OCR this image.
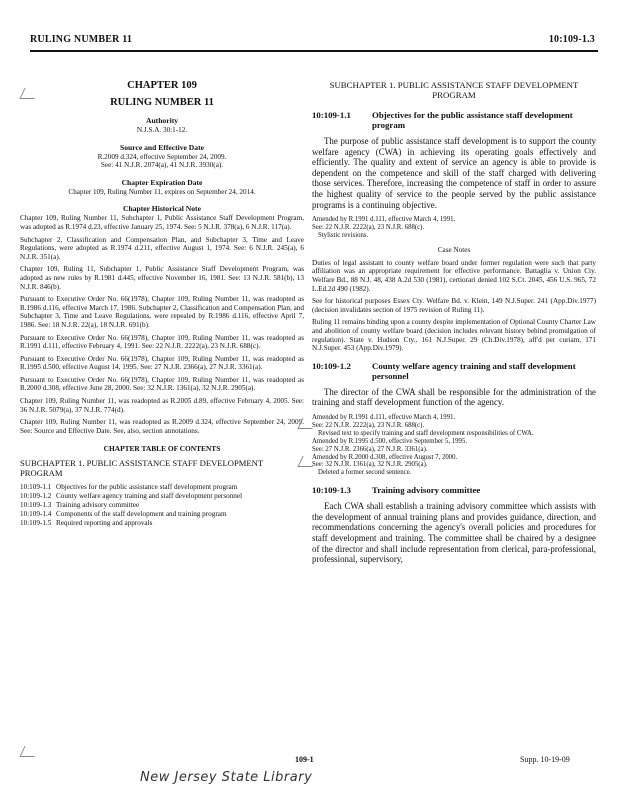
RULING NUMBER 11	10:109-1.3
CHAPTER 109
RULING NUMBER 11
Authority
N.J.S.A. 30:1-12.
Source and Effective Date
R.2009 d.324, effective September 24, 2009.
See: 41 N.J.R. 2074(a), 41 N.J.R. 3930(a).
Chapter Expiration Date
Chapter 109, Ruling Number 11, expires on September 24, 2014.
Chapter Historical Note

Chapter 109, Ruling Number 11, Subchapter 1, Public Assistance Staff Development Program, was adopted as R.1974 d.23, effective January 25, 1974. See: 5 N.J.R. 378(a), 6 N.J.R. 117(a).

Subchapter 2, Classification and Compensation Plan, and Subchapter 3, Time and Leave Regulations, were adopted as R.1974 d.211, effective August 1, 1974. See: 6 N.J.R. 245(a), 6 N.J.R. 351(a).

Chapter 109, Ruling 11, Subchapter 1, Public Assistance Staff Development Program, was adopted as new rules by R.1981 d.445, effective November 16, 1981. See: 13 N.J.R. 581(b), 13 N.J.R. 846(b).

Pursuant to Executive Order No. 66(1978), Chapter 109, Ruling Number 11, was readopted as R.1986 d.116, effective March 17, 1986. Subchapter 2, Classification and Compensation Plan, and Subchapter 3, Time and Leave Regulations, were repealed by R.1986 d.116, effective April 7, 1986. See: 18 N.J.R. 22(a), 18 N.J.R. 691(b).

Pursuant to Executive Order No. 66(1978), Chapter 109, Ruling Number 11, was readopted as R.1991 d.111, effective February 4, 1991. See: 22 N.J.R. 2222(a), 23 N.J.R. 688(c).

Pursuant to Executive Order No. 66(1978), Chapter 109, Ruling Number 11, was readopted as R.1995 d.500, effective August 14, 1995. See: 27 N.J.R. 2366(a), 27 N.J.R. 3361(a).

Pursuant to Executive Order No. 66(1978), Chapter 109, Ruling Number 11, was readopted as R.2000 d.308, effective June 28, 2000. See: 32 N.J.R. 1361(a), 32 N.J.R. 2905(a).

Chapter 109, Ruling Number 11, was readopted as R.2005 d.89, effective February 4, 2005. See: 36 N.J.R. 5079(a), 37 N.J.R. 774(d).

Chapter 109, Ruling Number 11, was readopted as R.2009 d.324, effective September 24, 2009. See: Source and Effective Date. See, also, section annotations.

CHAPTER TABLE OF CONTENTS
SUBCHAPTER 1. PUBLIC ASSISTANCE STAFF DEVELOPMENT PROGRAM
10:109-1.1 Objectives for the public assistance staff development program
10:109-1.2 County welfare agency training and staff development personnel
10:109-1.3 Training advisory committee
10:109-1.4 Components of the staff development and training program
10:109-1.5 Required reporting and approvals
SUBCHAPTER 1. PUBLIC ASSISTANCE STAFF DEVELOPMENT PROGRAM
10:109-1.1	Objectives for the public assistance staff development program

The purpose of public assistance staff development is to support the county welfare agency (CWA) in achieving its operating goals effectively and efficiently. The quality and extent of service an agency is able to provide is dependent on the competence and skill of the staff charged with delivering those services. Therefore, increasing the competence of staff in order to assure the highest quality of service to the people served by the public assistance programs is a continuing objective.

Amended by R.1991 d.111, effective March 4, 1991.
See: 22 N.J.R. 2222(a), 23 N.J.R. 688(c).
Stylistic revisions.
Case Notes

Duties of legal assistant to county welfare board under former regulation were such that party affiliation was an appropriate requirement for effective performance. Battaglia v. Union Cty. Welfare Bd., 88 N.J. 48, 438 A.2d 530 (1981), certiorari denied 102 S.Ct. 2045, 456 U.S. 965, 72 L.Ed.2d 490 (1982).

See for historical purposes Essex Cty. Welfare Bd. v. Klein, 149 N.J.Super. 241 (App.Div.1977) (decision invalidates section of 1975 revision of Ruling 11).

Ruling 11 remains binding upon a county despite implementation of Optional County Charter Law and abolition of county welfare board (decision includes relevant history behind promulgation of regulation). State v. Hudson Cty., 161 N.J.Super. 29 (Ch.Div.1978), aff'd per curiam, 171 N.J.Super. 453 (App.Div.1979).

10:109-1.2	County welfare agency training and staff development personnel

The director of the CWA shall be responsible for the administration of the training and staff development function of the agency.

Amended by R.1991 d.111, effective March 4, 1991.
See: 22 N.J.R. 2222(a), 23 N.J.R. 688(c).
Revised text to specify training and staff development responsibilities of CWA.
Amended by R.1995 d.500, effective September 5, 1995.
See: 27 N.J.R. 2366(a), 27 N.J.R. 3361(a).
Amended by R.2000 d.308, effective August 7, 2000.
See: 32 N.J.R. 1361(a), 32 N.J.R. 2905(a).
Deleted a former second sentence.
10:109-1.3	Training advisory committee

Each CWA shall establish a training advisory committee which assists with the development of annual training plans and provides guidance, direction, and recommendations concerning the agency's overall policies and procedures for staff development and training. The committee shall be chaired by a designee of the director and shall include representation from clerical, para-professional, professional, supervisory,

109-1	Supp. 10-19-09
New Jersey State Library
